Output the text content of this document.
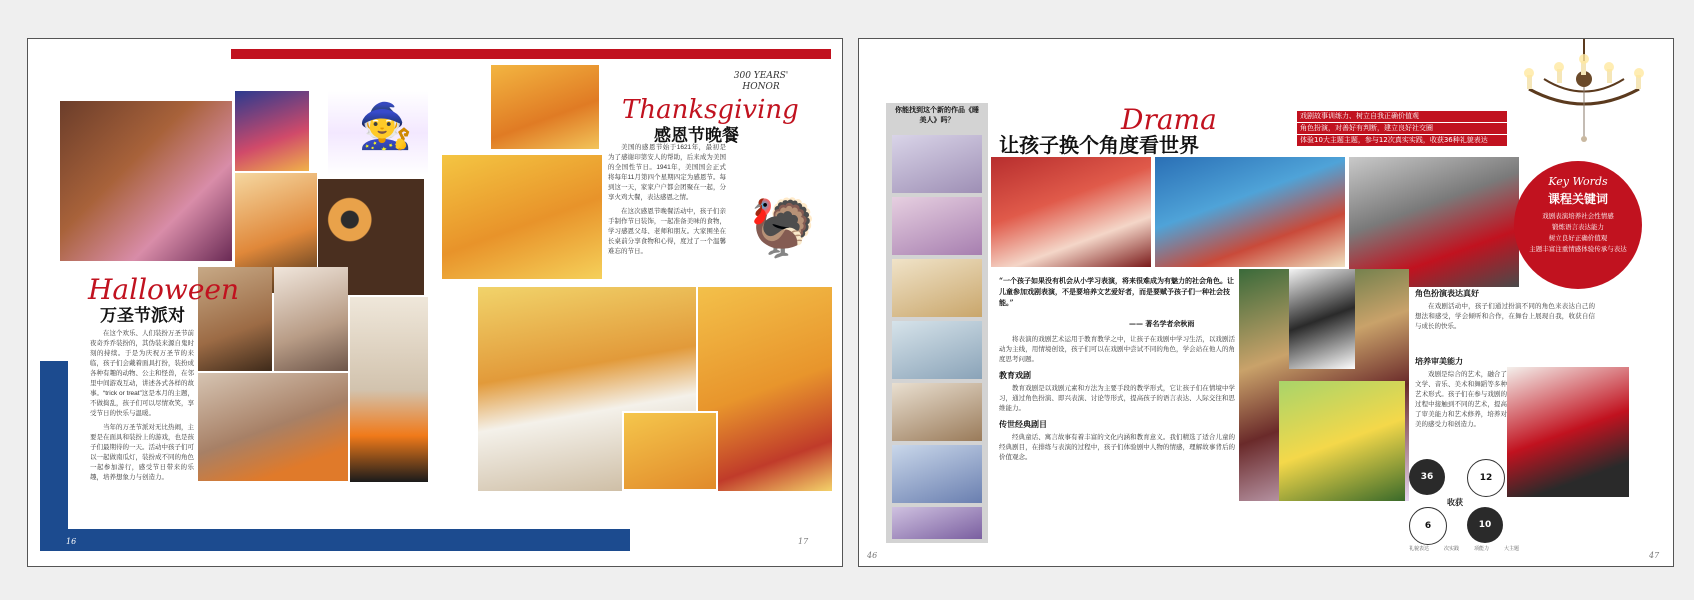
🧙
🦃
Halloween
万圣节派对

在这个欢乐、人们装扮万圣节前夜奇乔乔装扮的，其伪装来源自鬼时刻的持续。于是为庆祝万圣节的来临，孩子们会戴着面具打扮，装扮成各种有趣的动物、公主和怪兽，在邻里中间游戏互动，讲述各式各样的故事。“trick or treat”这是本月的主题，不做捣乱，孩子们可以尽情欢笑，享受节日的快乐与温暖。

当年的万圣节派对无比热闹，主要是在面具和装扮上的游戏，也是孩子们最期待的一天。活动中孩子们可以一起做南瓜灯，装扮成不同的角色一起参加游行，感受节日带来的乐趣，培养想象力与创造力。

300 YEARS' HONOR
Thanksgiving
感恩节晚餐

美国的感恩节始于1621年，最初是为了感谢印第安人的帮助，后来成为美国的全国性节日。1941年，美国国会正式将每年11月第四个星期四定为感恩节。每到这一天，家家户户都会团聚在一起，分享火鸡大餐，表达感恩之情。

在这次感恩节晚餐活动中，孩子们亲手制作节日装饰，一起准备美味的食物，学习感恩父母、老师和朋友。大家围坐在长桌前分享食物和心得，度过了一个温馨难忘的节日。

16	17
你能找到这个新的作品《睡美人》吗？	Drama
让孩子换个角度看世界
戏剧故事训练力、树立自我正确价值观
角色扮演，对善好有判断，建立良好社交圈
体验10大主题主题，参与12次真实实践，收获36种礼貌表达
Key Words
课程关键词
戏剧表演培养社会性情感
锻炼语言表达能力
树立良好正确价值观
主题丰富注重情感体验传承与表达
“一个孩子如果没有机会从小学习表演，将来很难成为有魅力的社会角色。让儿童参加戏剧表演，不是要培养文艺爱好者，而是要赋予孩子们一种社会技能。”
—— 著名学者余秋雨

将表演的戏剧艺术运用于教育教学之中，让孩子在戏剧中学习生活，以戏剧活动为主线，用情境创设，孩子们可以在戏剧中尝试不同的角色，学会站在他人的角度思考问题。

教育戏剧

教育戏剧是以戏剧元素和方法为主要手段的教学形式，它让孩子们在情境中学习，通过角色扮演、即兴表演、讨论等形式，提高孩子的语言表达、人际交往和思维能力。

传世经典剧目

经典童话、寓言故事有着丰富的文化内涵和教育意义。我们精选了适合儿童的经典剧目，在排练与表演的过程中，孩子们体验剧中人物的情感，理解故事背后的价值观念。

角色扮演表达真好

在戏剧活动中，孩子们通过扮演不同的角色来表达自己的想法和感受，学会倾听和合作，在舞台上展现自我，收获自信与成长的快乐。

培养审美能力

戏剧是综合的艺术，融合了文学、音乐、美术和舞蹈等多种艺术形式。孩子们在参与戏剧的过程中接触到不同的艺术，提高了审美能力和艺术修养，培养对美的感受力和创造力。

36	12
收获
6	10
礼貌表达	次实践	项能力	大主题
46	47
